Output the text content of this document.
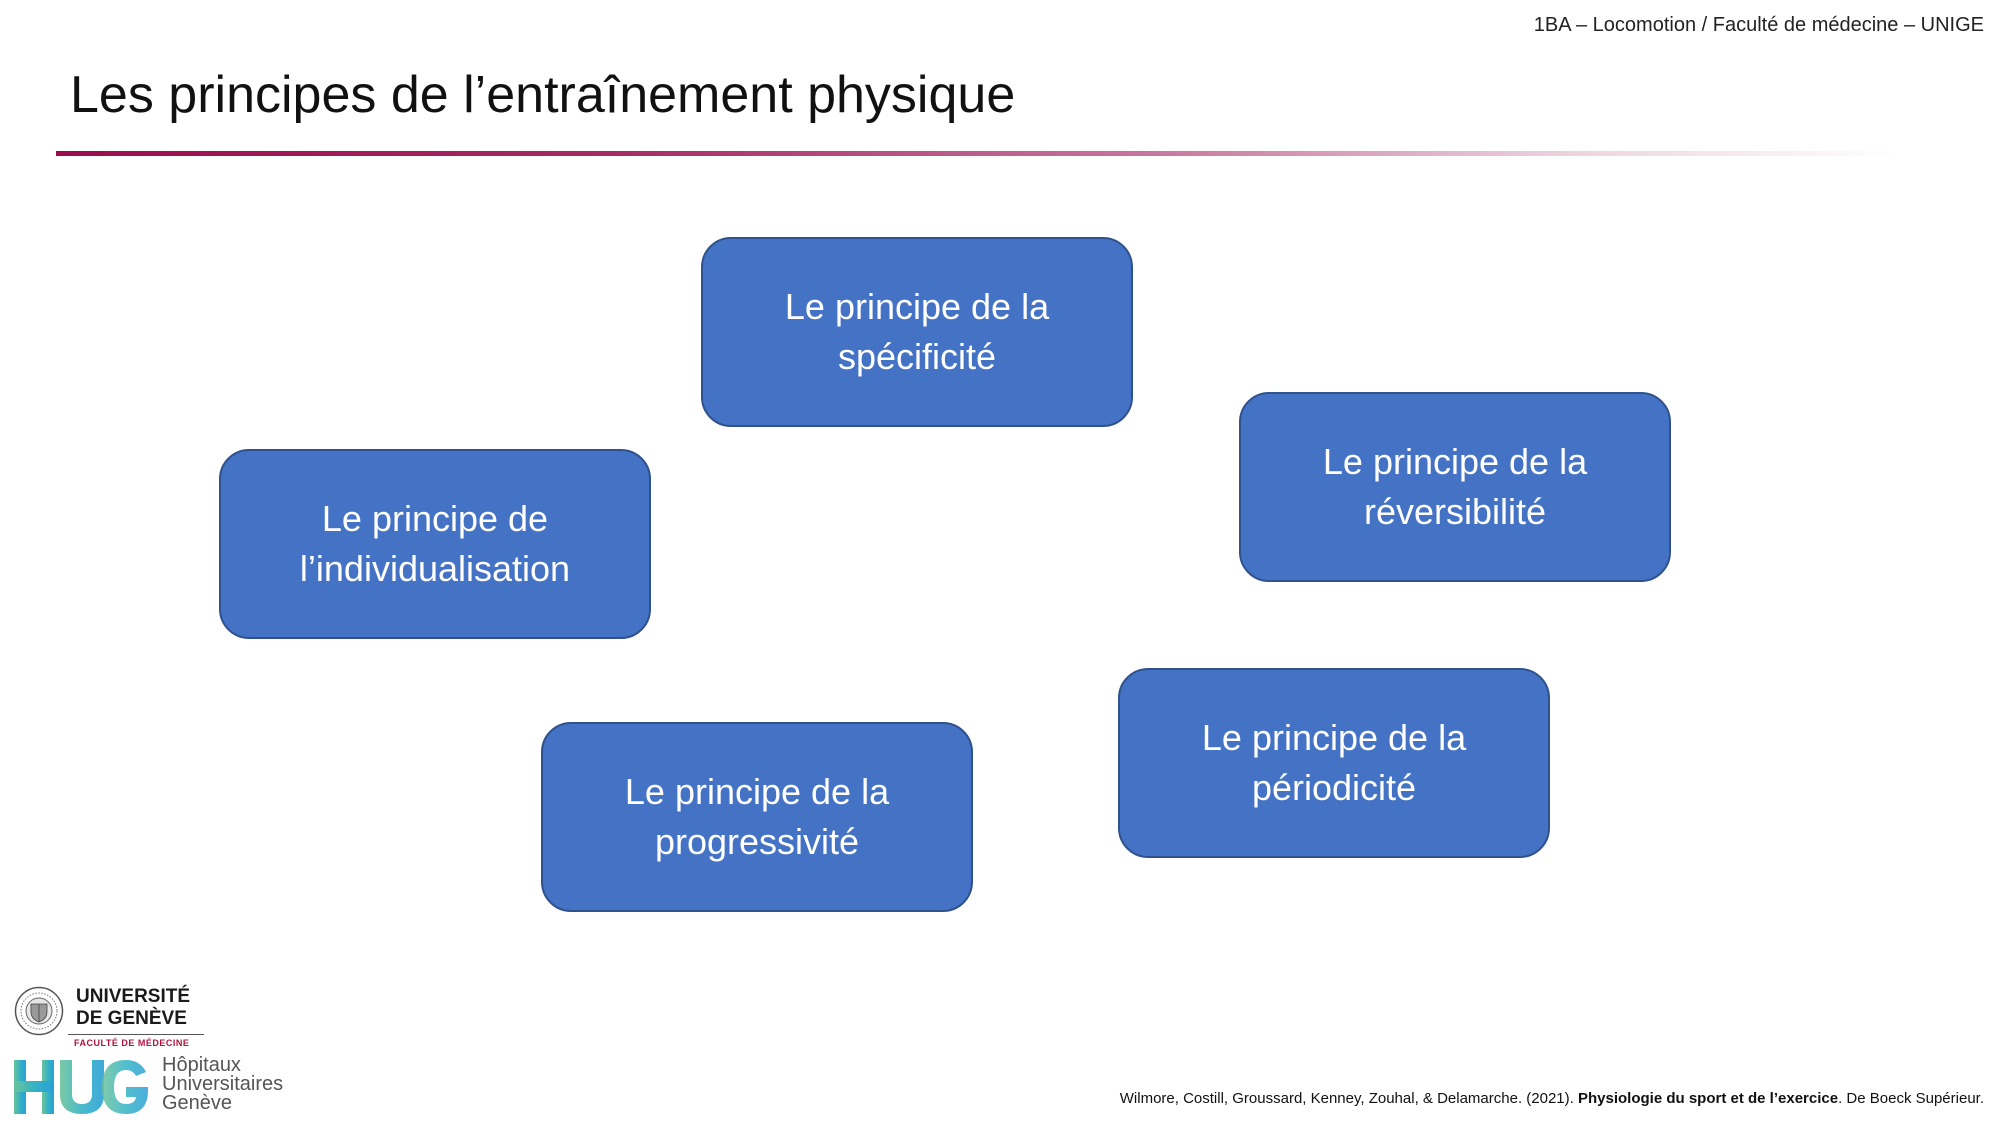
1BA – Locomotion / Faculté de médecine – UNIGE
Les principes de l’entraînement physique
Le principe de la
spécificité
Le principe de
l’individualisation
Le principe de la
réversibilité
Le principe de la
périodicité
Le principe de la
progressivité
UNIVERSITÉ
DE GENÈVE
FACULTÉ DE MÉDECINE
Hôpitaux
Universitaires
Genève	Wilmore, Costill, Groussard, Kenney, Zouhal, & Delamarche. (2021). Physiologie du sport et de l’exercice. De Boeck Supérieur.
